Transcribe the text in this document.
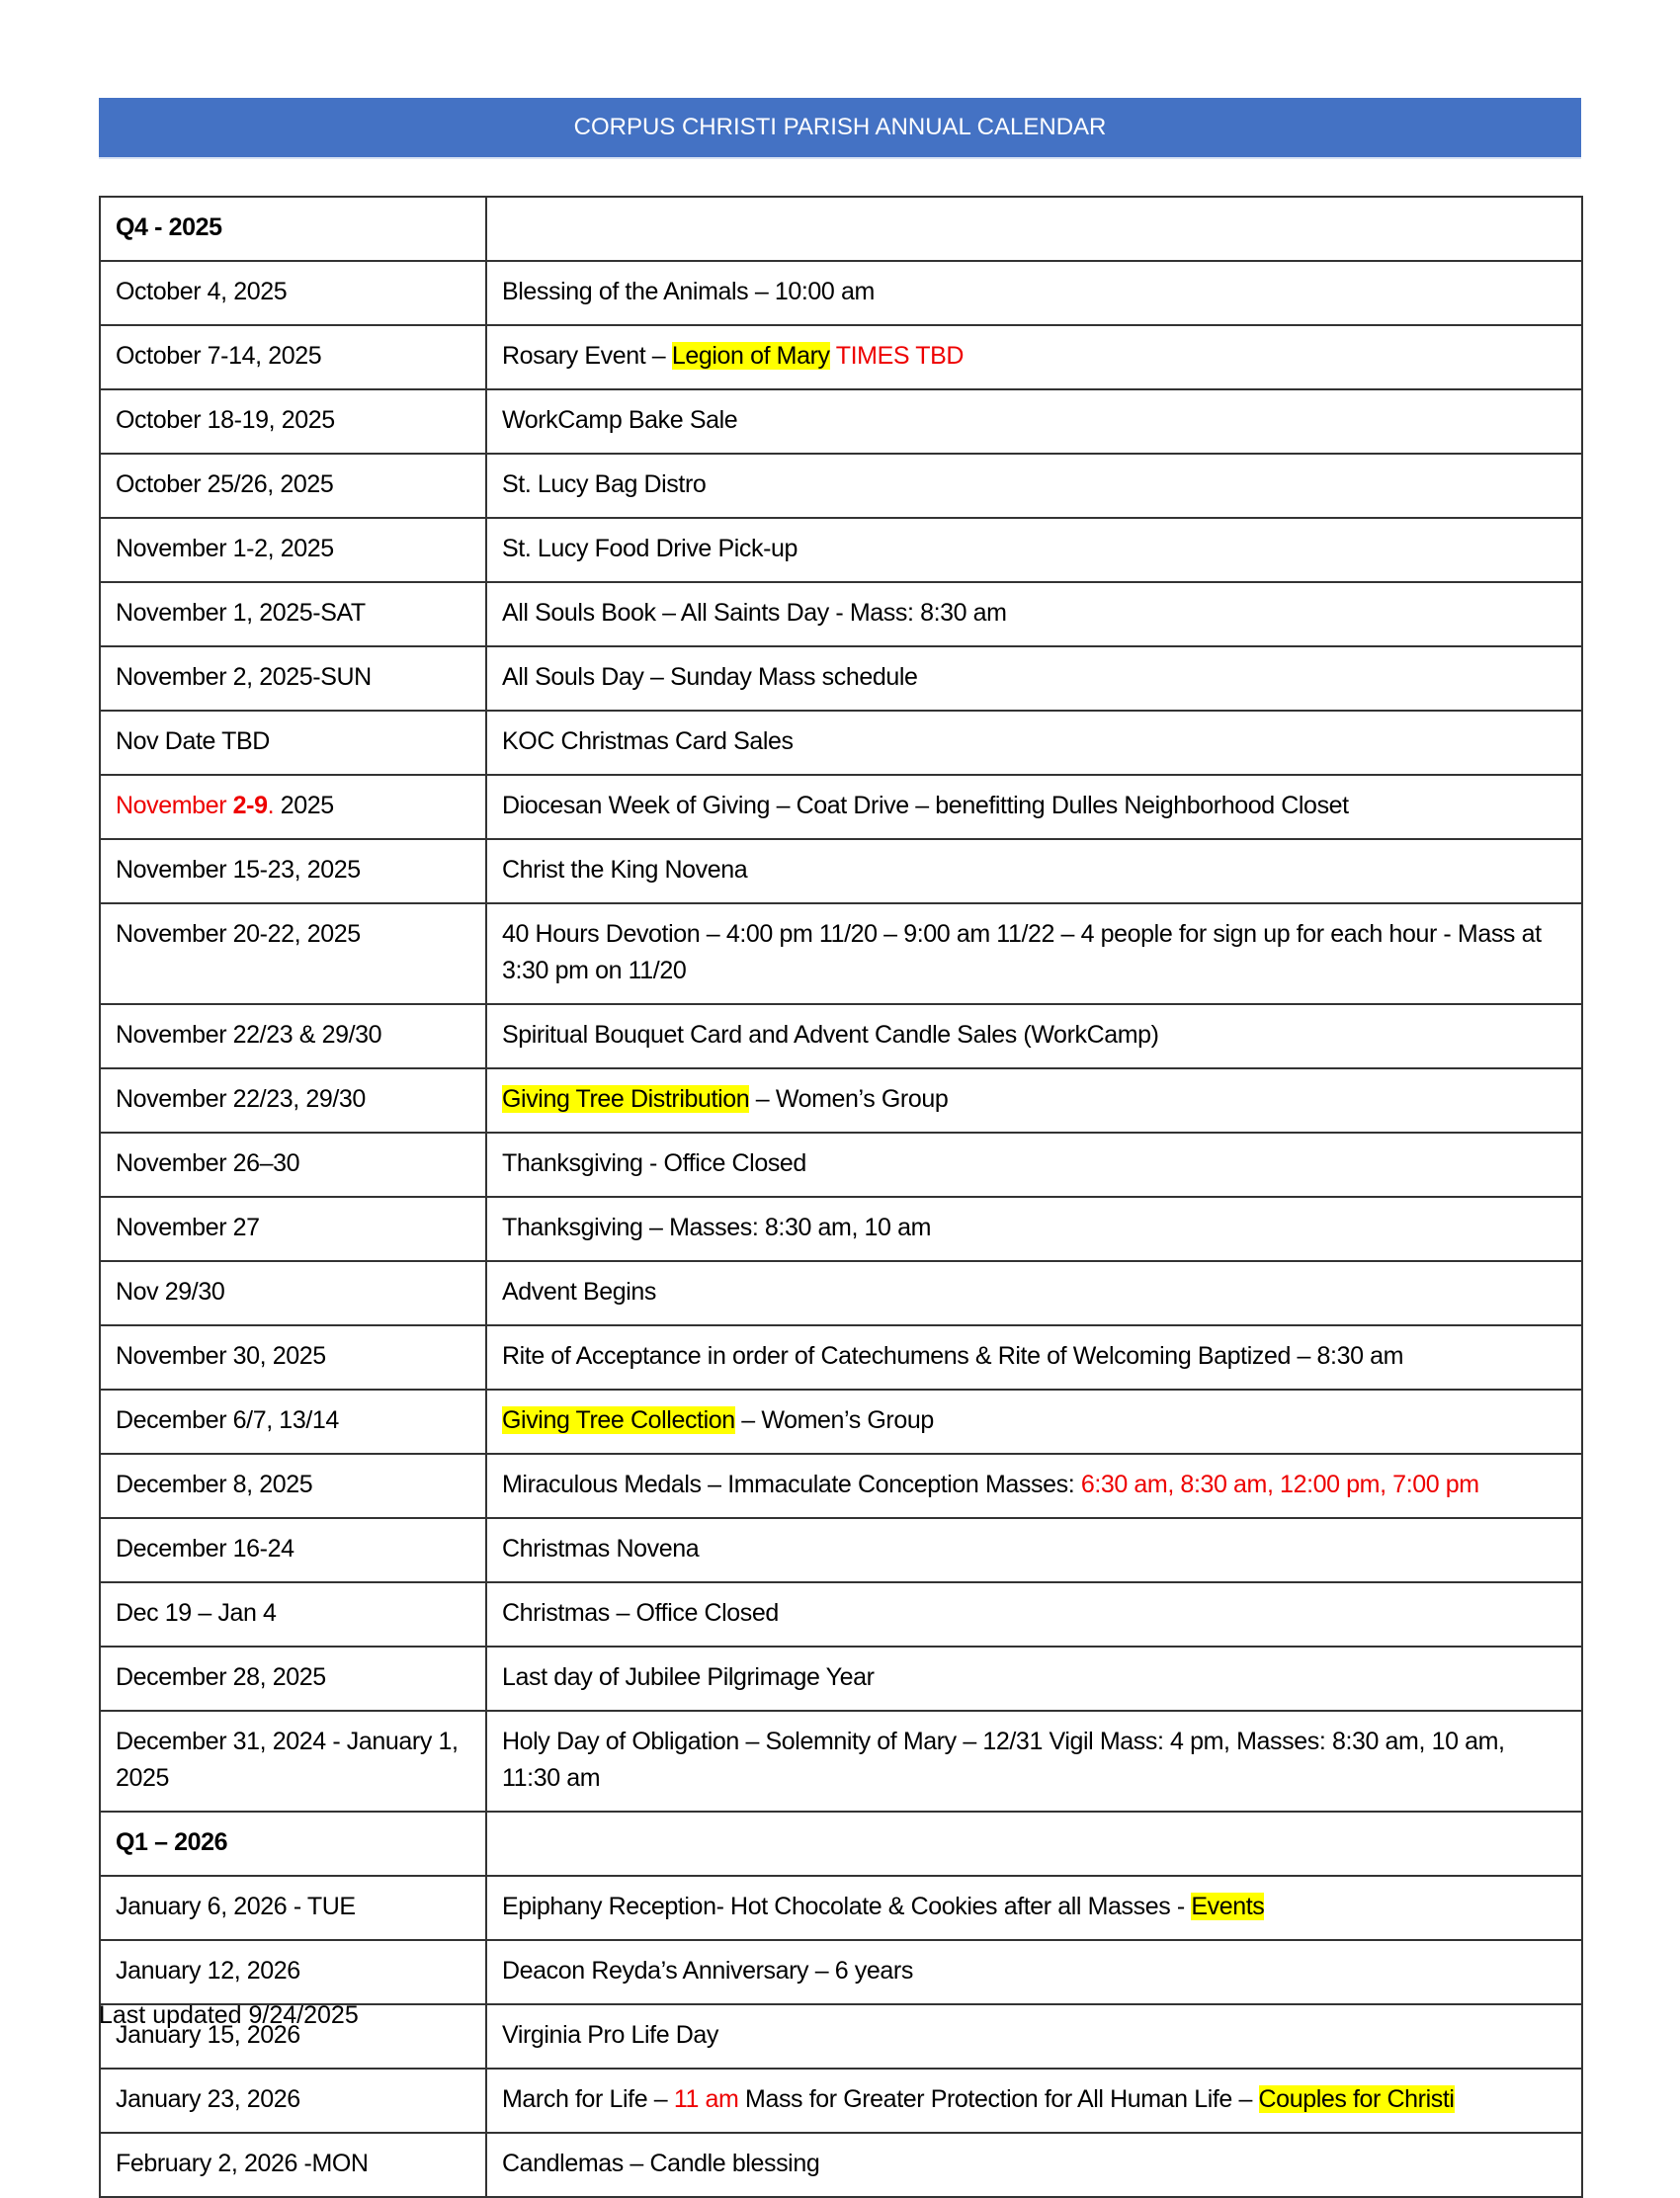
CORPUS CHRISTI PARISH ANNUAL CALENDAR
Q4 - 2025	
October 4, 2025	Blessing of the Animals – 10:00 am
October 7-14, 2025	Rosary Event – Legion of Mary TIMES TBD
October 18-19, 2025	WorkCamp Bake Sale
October 25/26, 2025	St. Lucy Bag Distro
November 1-2, 2025	St. Lucy Food Drive Pick-up
November 1, 2025-SAT	All Souls Book – All Saints Day - Mass: 8:30 am
November 2, 2025-SUN	All Souls Day – Sunday Mass schedule
Nov Date TBD	KOC Christmas Card Sales
November 2-9. 2025	Diocesan Week of Giving – Coat Drive – benefitting Dulles Neighborhood Closet
November 15-23, 2025	Christ the King Novena
November 20-22, 2025	40 Hours Devotion – 4:00 pm 11/20 – 9:00 am 11/22 – 4 people for sign up for each hour - Mass at 3:30 pm on 11/20
November 22/23 & 29/30	Spiritual Bouquet Card and Advent Candle Sales (WorkCamp)
November 22/23, 29/30	Giving Tree Distribution – Women’s Group
November 26–30	Thanksgiving - Office Closed
November 27	Thanksgiving – Masses: 8:30 am, 10 am
Nov 29/30	Advent Begins
November 30, 2025	Rite of Acceptance in order of Catechumens & Rite of Welcoming Baptized – 8:30 am
December 6/7, 13/14	Giving Tree Collection – Women’s Group
December 8, 2025	Miraculous Medals – Immaculate Conception Masses: 6:30 am, 8:30 am, 12:00 pm, 7:00 pm
December 16-24	Christmas Novena
Dec 19 – Jan 4	Christmas – Office Closed
December 28, 2025	Last day of Jubilee Pilgrimage Year
December 31, 2024 - January 1, 2025	Holy Day of Obligation – Solemnity of Mary – 12/31 Vigil Mass: 4 pm, Masses: 8:30 am, 10 am, 11:30 am
Q1 – 2026	
January 6, 2026 - TUE	Epiphany Reception- Hot Chocolate & Cookies after all Masses - Events
January 12, 2026	Deacon Reyda’s Anniversary – 6 years
January 15, 2026	Virginia Pro Life Day
January 23, 2026	March for Life – 11 am Mass for Greater Protection for All Human Life – Couples for Christi
February 2, 2026 -MON	Candlemas – Candle blessing
Last updated 9/24/2025
